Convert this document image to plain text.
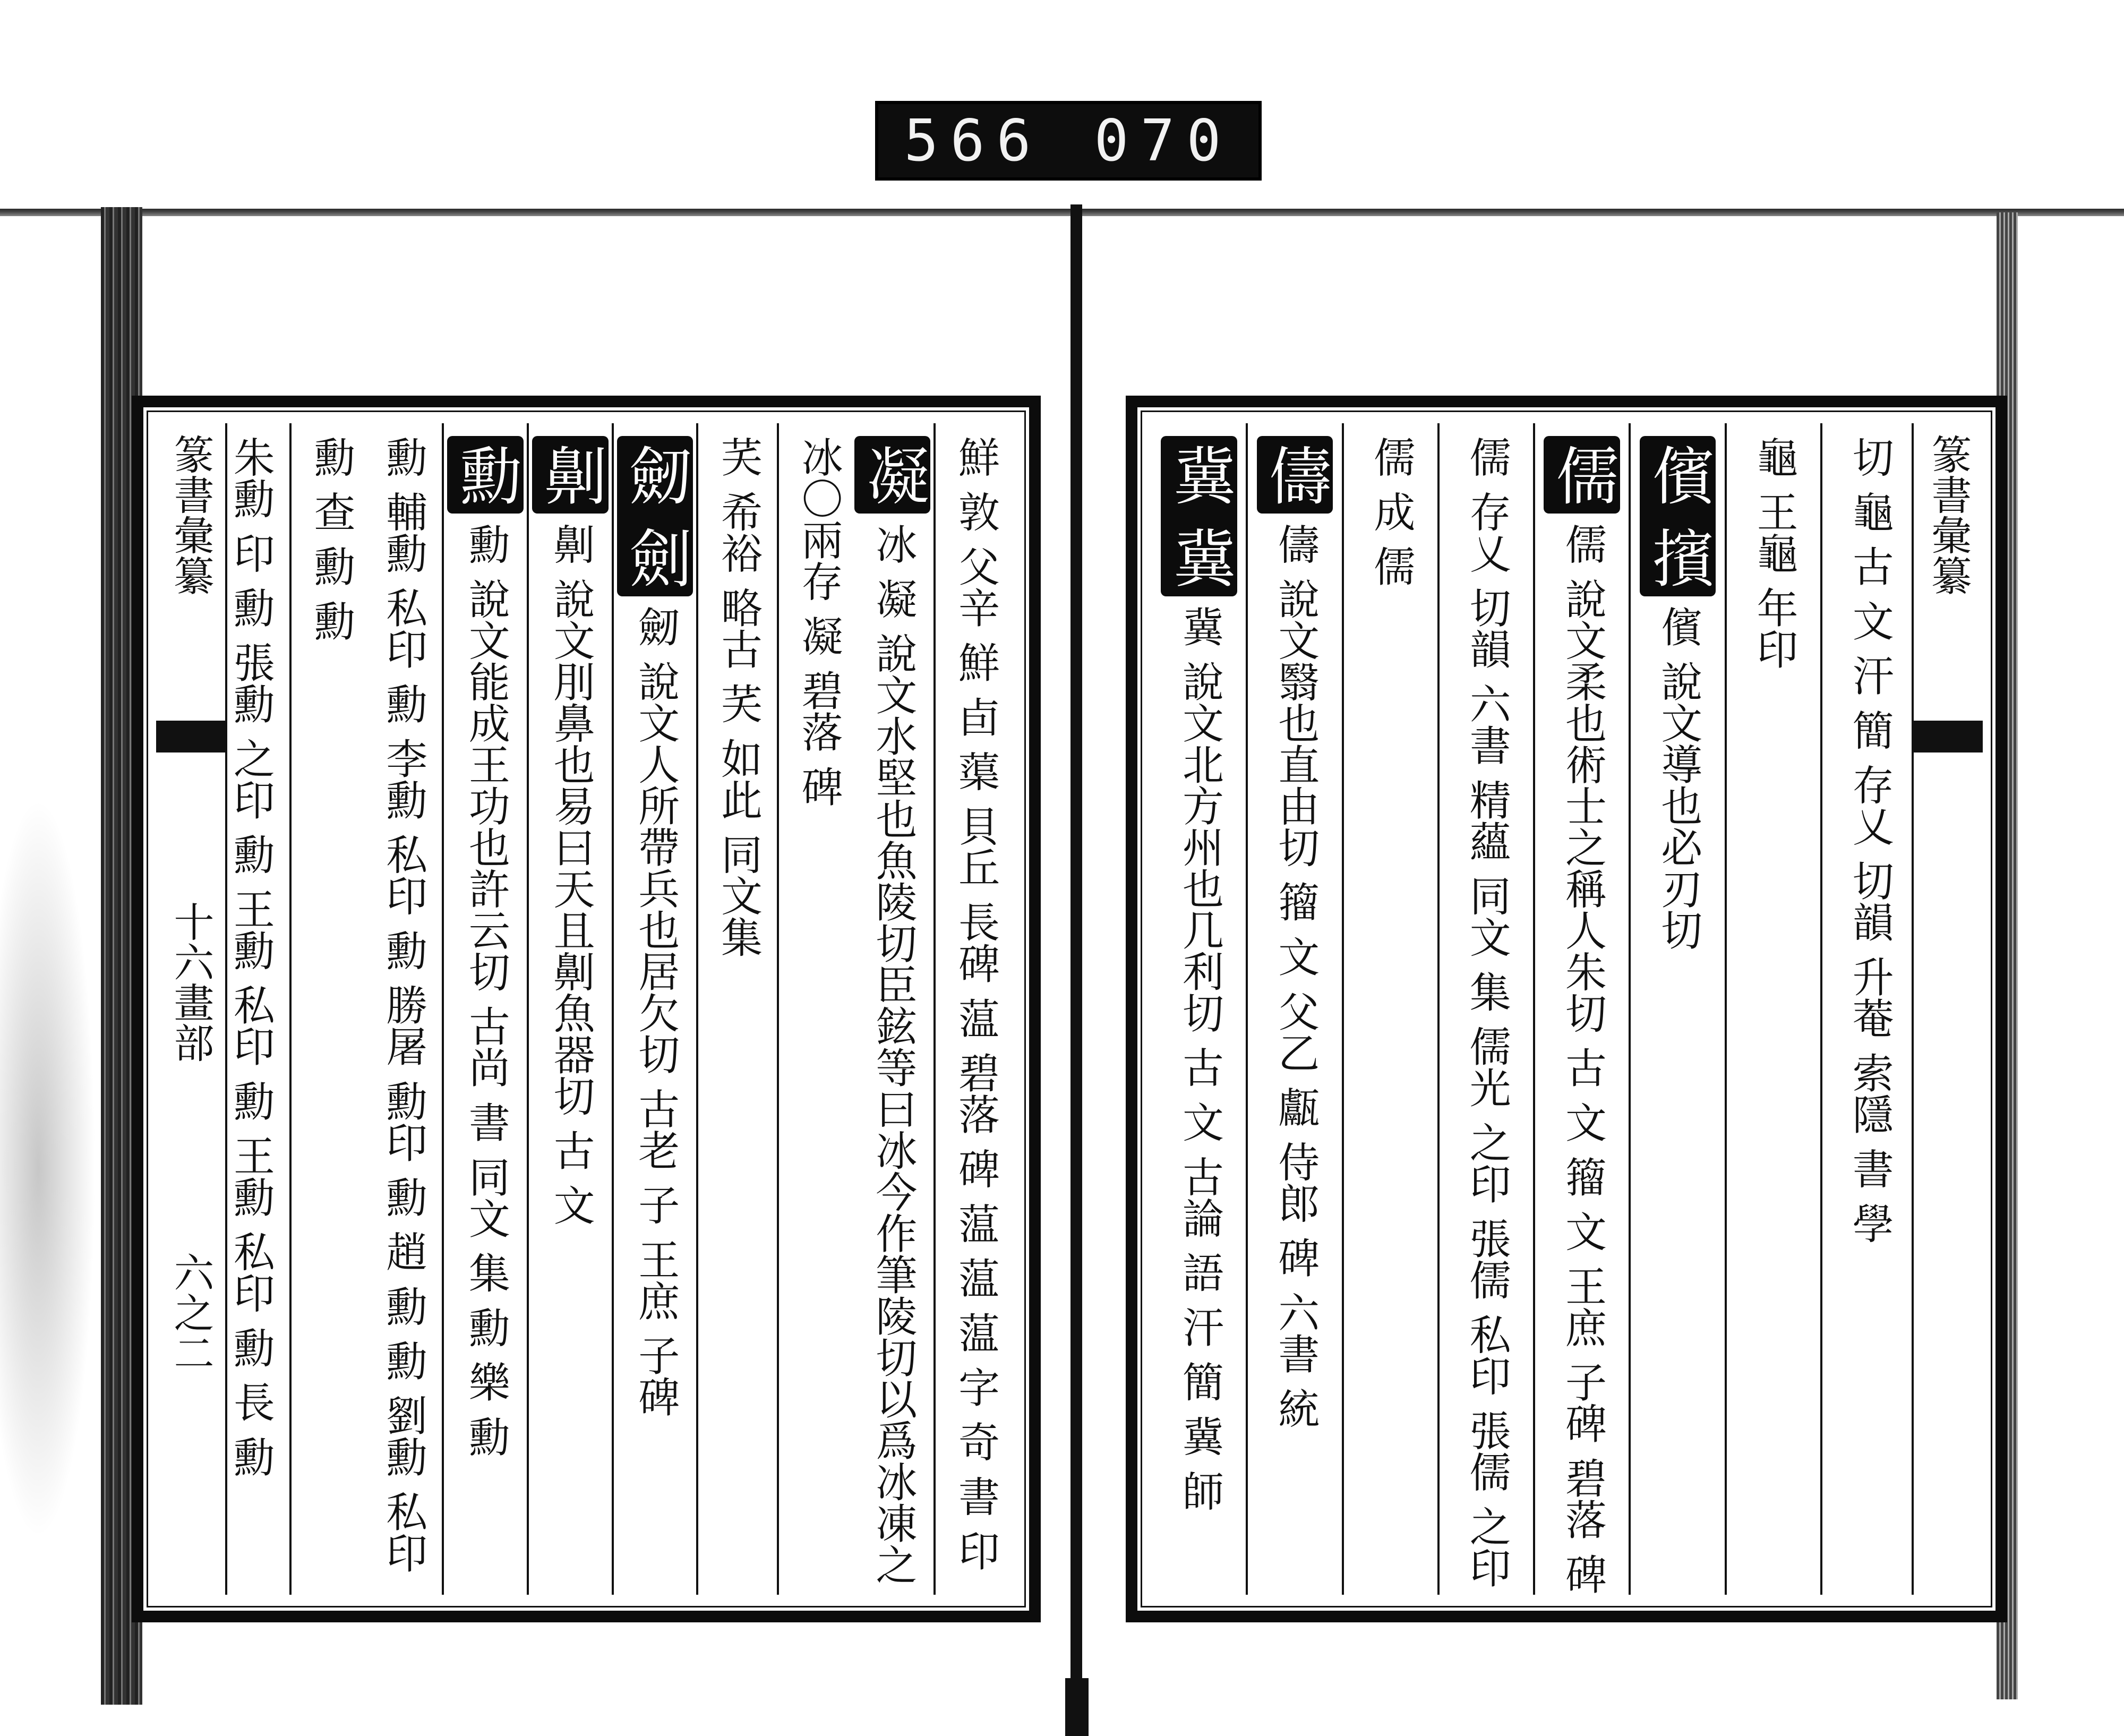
566 070
篆書彙纂
十六畫部
六之二	鮮 敦 父辛 鮮 卣 蕖 貝丘 長碑 蕰 碧落 碑 蕰 蕰 蕰 字 奇 書 印
凝冰 凝 說文水堅也魚陵切臣鉉等曰冰今作筆陵切以爲冰凍之冰〇兩存 凝 碧落 碑
芺 希裕 略古 芺 如此 同文集
劒 劍劒 說文人所帶兵也居欠切 古老 子 王庶 子碑
劓劓 說文刖鼻也易曰天且劓魚器切 古 文
勳勳 說文能成王功也許云切 古尚 書 同文 集 勳 樂 勳
勳 輔勳 私印 勳 李勳 私印 勳 勝屠 勳印 勳 趙 勳 勳 劉勳 私印 勳 查 勳 勳
朱勳 印 勳 張勳 之印 勳 王勳 私印 勳 王勳 私印 勳 長 勳	切 龜 古 文 汗 簡 存乂 切韻 升菴 索隱 書 學
龜 王龜 年印
儐 擯儐 說文導也必刃切
儒儒 說文柔也術士之稱人朱切 古 文 籀 文 王庶 子碑 碧落 碑
儒 存乂 切韻 六書 精蘊 同文 集 儒光 之印 張儒 私印 張儒 之印
儒 成 儒
儔儔 說文翳也直由切 籀 文 父乙 甗 侍郎 碑 六書 統
冀 冀冀 說文北方州也几利切 古 文 古論 語 汗 簡 冀 師
篆書彙纂
